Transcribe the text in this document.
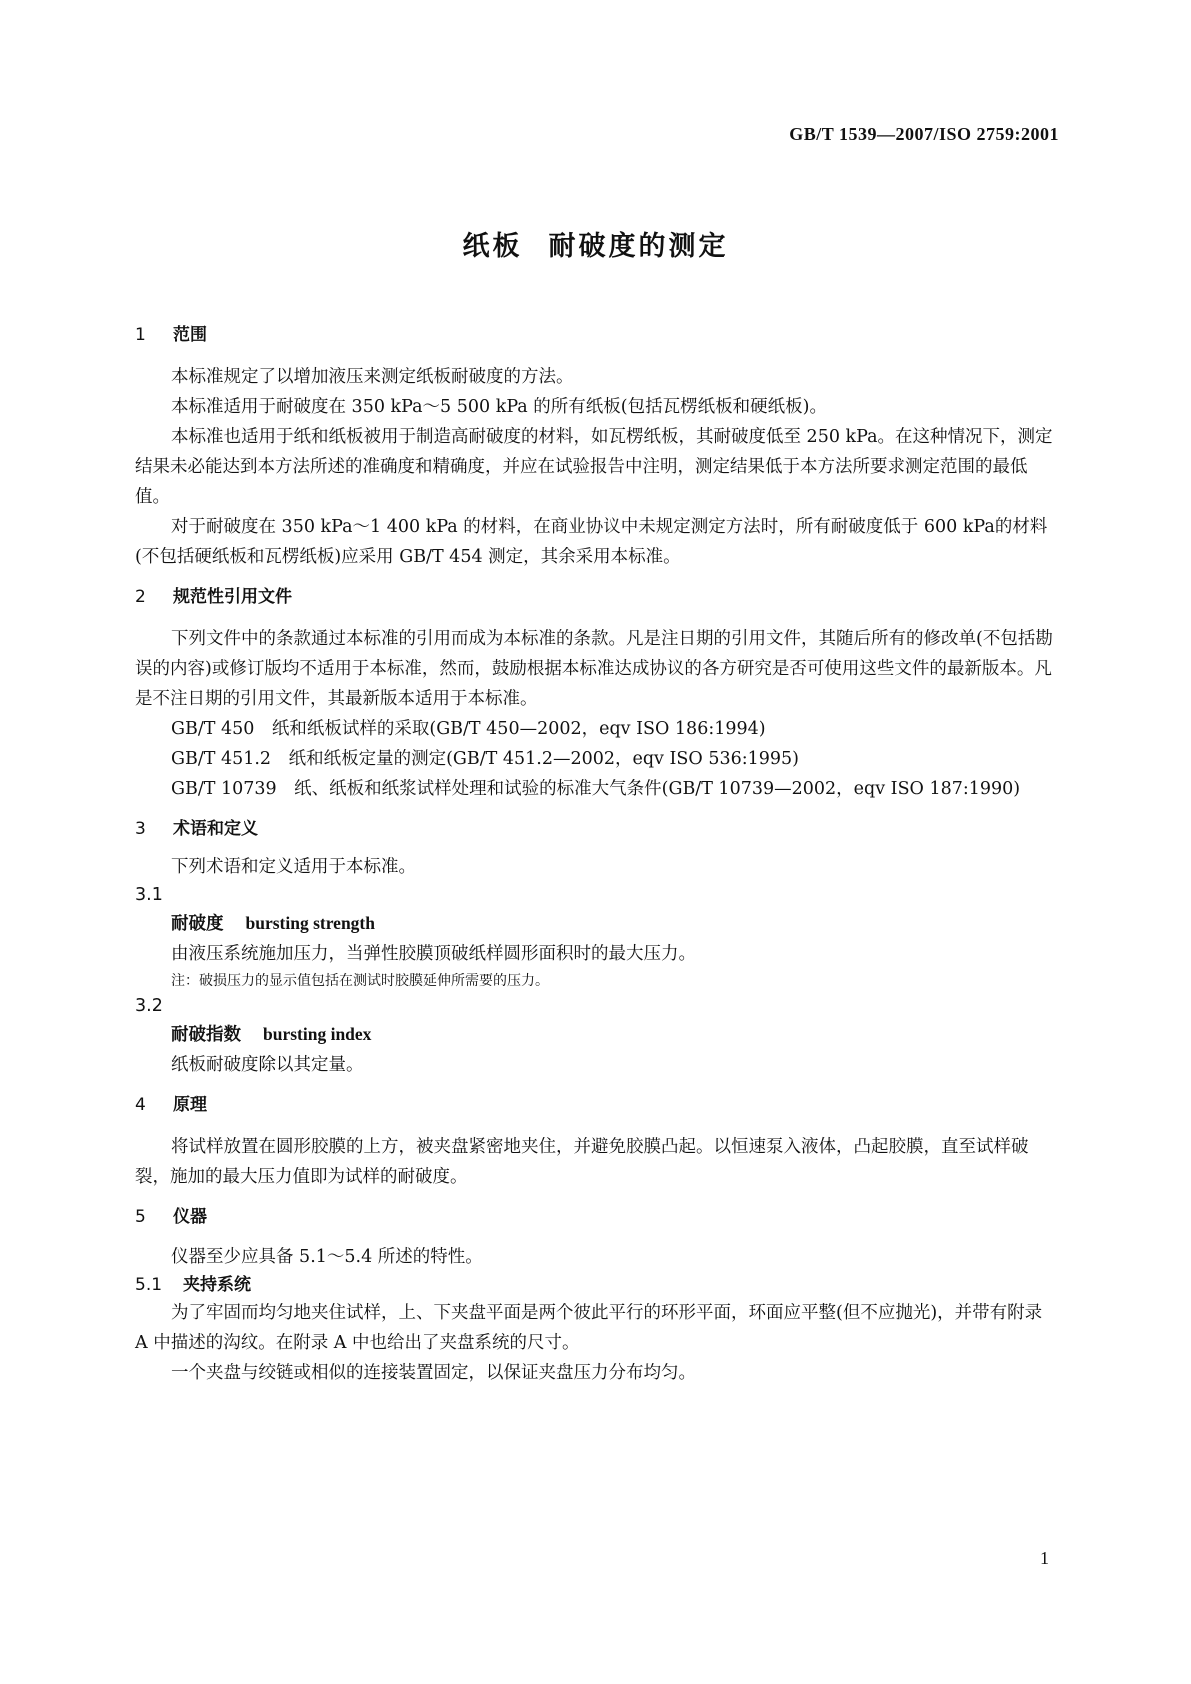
GB/T 1539—2007/ISO 2759:2001
纸板 耐破度的测定
1 范围

本标准规定了以增加液压来测定纸板耐破度的方法。

本标准适用于耐破度在 350 kPa～5 500 kPa 的所有纸板(包括瓦楞纸板和硬纸板)。

本标准也适用于纸和纸板被用于制造高耐破度的材料，如瓦楞纸板，其耐破度低至 250 kPa。在这种情况下，测定结果未必能达到本方法所述的准确度和精确度，并应在试验报告中注明，测定结果低于本方法所要求测定范围的最低值。

对于耐破度在 350 kPa～1 400 kPa 的材料，在商业协议中未规定测定方法时，所有耐破度低于 600 kPa的材料(不包括硬纸板和瓦楞纸板)应采用 GB/T 454 测定，其余采用本标准。

2 规范性引用文件

下列文件中的条款通过本标准的引用而成为本标准的条款。凡是注日期的引用文件，其随后所有的修改单(不包括勘误的内容)或修订版均不适用于本标准，然而，鼓励根据本标准达成协议的各方研究是否可使用这些文件的最新版本。凡是不注日期的引用文件，其最新版本适用于本标准。

GB/T 450　纸和纸板试样的采取(GB/T 450—2002，eqv ISO 186:1994)

GB/T 451.2　纸和纸板定量的测定(GB/T 451.2—2002，eqv ISO 536:1995)

GB/T 10739　纸、纸板和纸浆试样处理和试验的标准大气条件(GB/T 10739—2002，eqv ISO 187:1990)

3 术语和定义

下列术语和定义适用于本标准。

3.1
耐破度 bursting strength

由液压系统施加压力，当弹性胶膜顶破纸样圆形面积时的最大压力。

注：破损压力的显示值包括在测试时胶膜延伸所需要的压力。

3.2
耐破指数 bursting index

纸板耐破度除以其定量。

4 原理

将试样放置在圆形胶膜的上方，被夹盘紧密地夹住，并避免胶膜凸起。以恒速泵入液体，凸起胶膜，直至试样破裂，施加的最大压力值即为试样的耐破度。

5 仪器

仪器至少应具备 5.1～5.4 所述的特性。

5.1 夹持系统

为了牢固而均匀地夹住试样，上、下夹盘平面是两个彼此平行的环形平面，环面应平整(但不应抛光)，并带有附录 A 中描述的沟纹。在附录 A 中也给出了夹盘系统的尺寸。

一个夹盘与绞链或相似的连接装置固定，以保证夹盘压力分布均匀。

1
